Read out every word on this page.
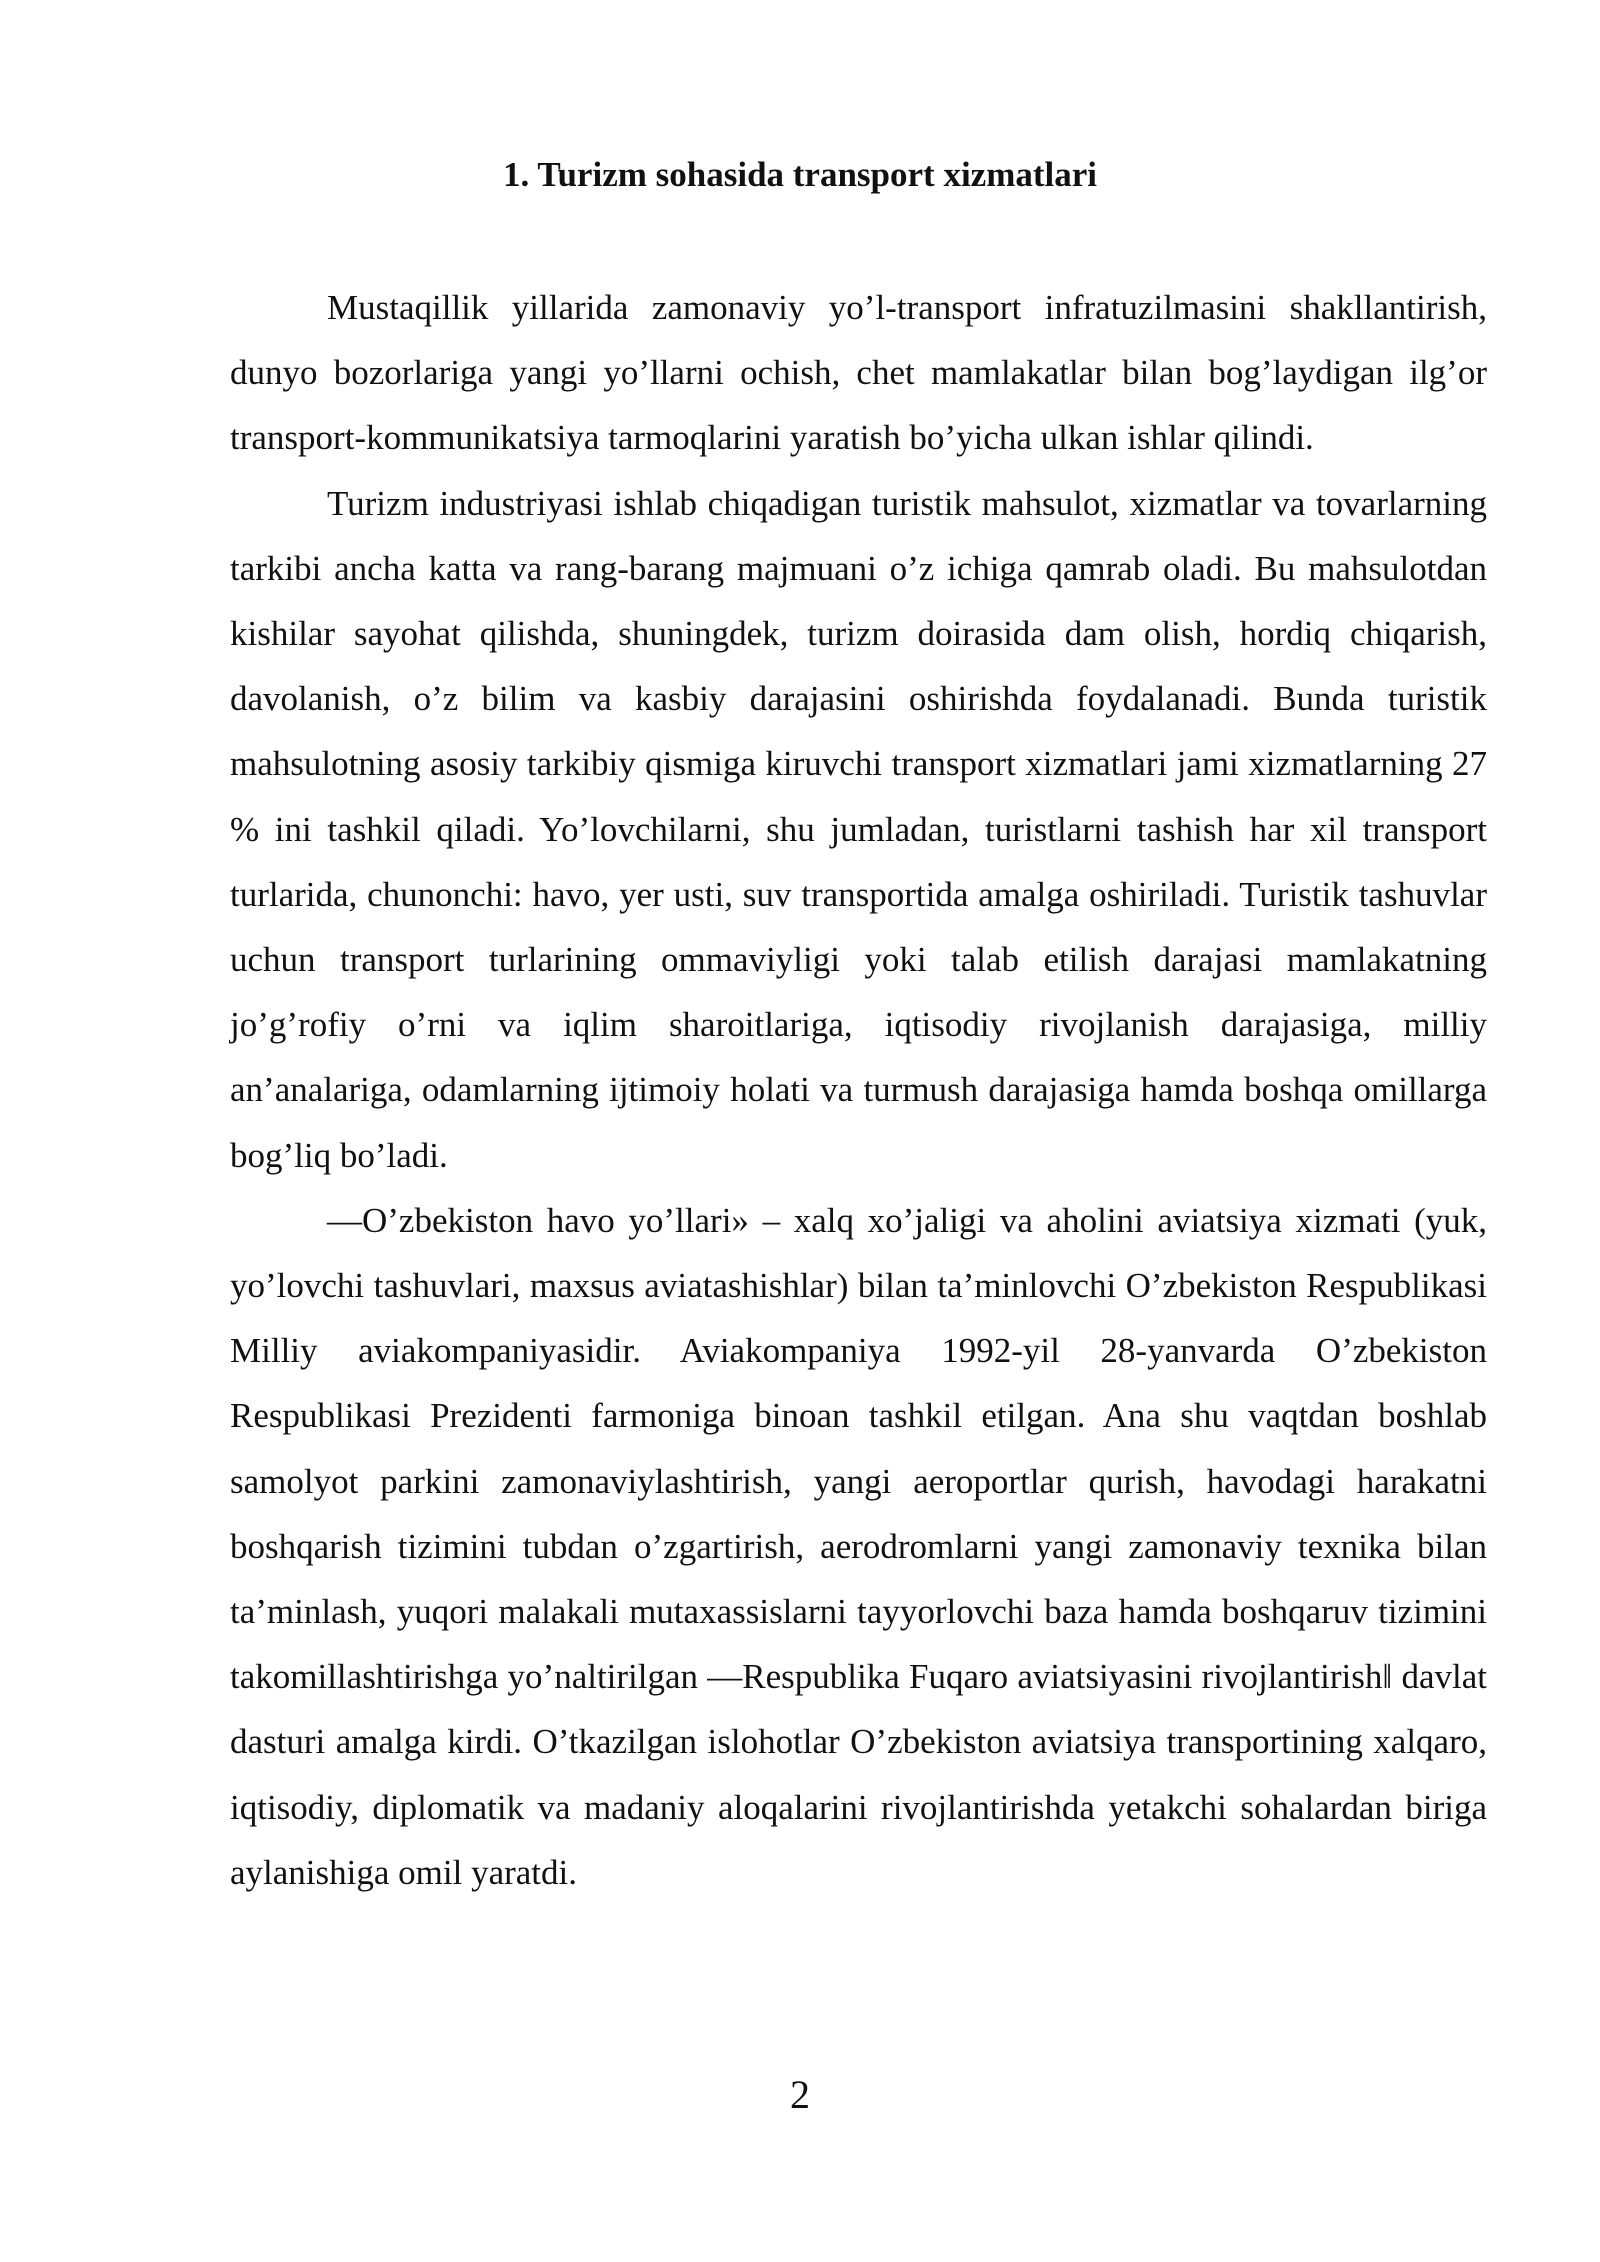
1. Turizm sohasida transport xizmatlari

Mustaqillik yillarida zamonaviy yo’l-transport infratuzilmasini shakllantirish, dunyo bozorlariga yangi yo’llarni ochish, chet mamlakatlar bilan bog’laydigan ilg’or transport-kommunikatsiya tarmoqlarini yaratish bo’yicha ulkan ishlar qilindi.

Turizm industriyasi ishlab chiqadigan turistik mahsulot, xizmatlar va tovarlarning tarkibi ancha katta va rang-barang majmuani o’z ichiga qamrab oladi. Bu mahsulotdan kishilar sayohat qilishda, shuningdek, turizm doirasida dam olish, hordiq chiqarish, davolanish, o’z bilim va kasbiy darajasini oshirishda foydalanadi. Bunda turistik mahsulotning asosiy tarkibiy qismiga kiruvchi transport xizmatlari jami xizmatlarning 27 % ini tashkil qiladi. Yo’lovchilarni, shu jumladan, turistlarni tashish har xil transport turlarida, chunonchi: havo, yer usti, suv transportida amalga oshiriladi. Turistik tashuvlar uchun transport turlarining ommaviyligi yoki talab etilish darajasi mamlakatning jo’g’rofiy o’rni va iqlim sharoitlariga, iqtisodiy rivojlanish darajasiga, milliy an’analariga, odamlarning ijtimoiy holati va turmush darajasiga hamda boshqa omillarga bog’liq bo’ladi.

—O’zbekiston havo yo’llari» – xalq xo’jaligi va aholini aviatsiya xizmati (yuk, yo’lovchi tashuvlari, maxsus aviatashishlar) bilan ta’minlovchi O’zbekiston Respublikasi Milliy aviakompaniyasidir. Aviakompaniya 1992-yil 28-yanvarda O’zbekiston Respublikasi Prezidenti farmoniga binoan tashkil etilgan. Ana shu vaqtdan boshlab samolyot parkini zamonaviylashtirish, yangi aeroportlar qurish, havodagi harakatni boshqarish tizimini tubdan o’zgartirish, aerodromlarni yangi zamonaviy texnika bilan ta’minlash, yuqori malakali mutaxassislarni tayyorlovchi baza hamda boshqaruv tizimini takomillashtirishga yo’naltirilgan —Respublika Fuqaro aviatsiyasini rivojlantirish‖ davlat dasturi amalga kirdi. O’tkazilgan islohotlar O’zbekiston aviatsiya transportining xalqaro, iqtisodiy, diplomatik va madaniy aloqalarini rivojlantirishda yetakchi sohalardan biriga aylanishiga omil yaratdi.

2
